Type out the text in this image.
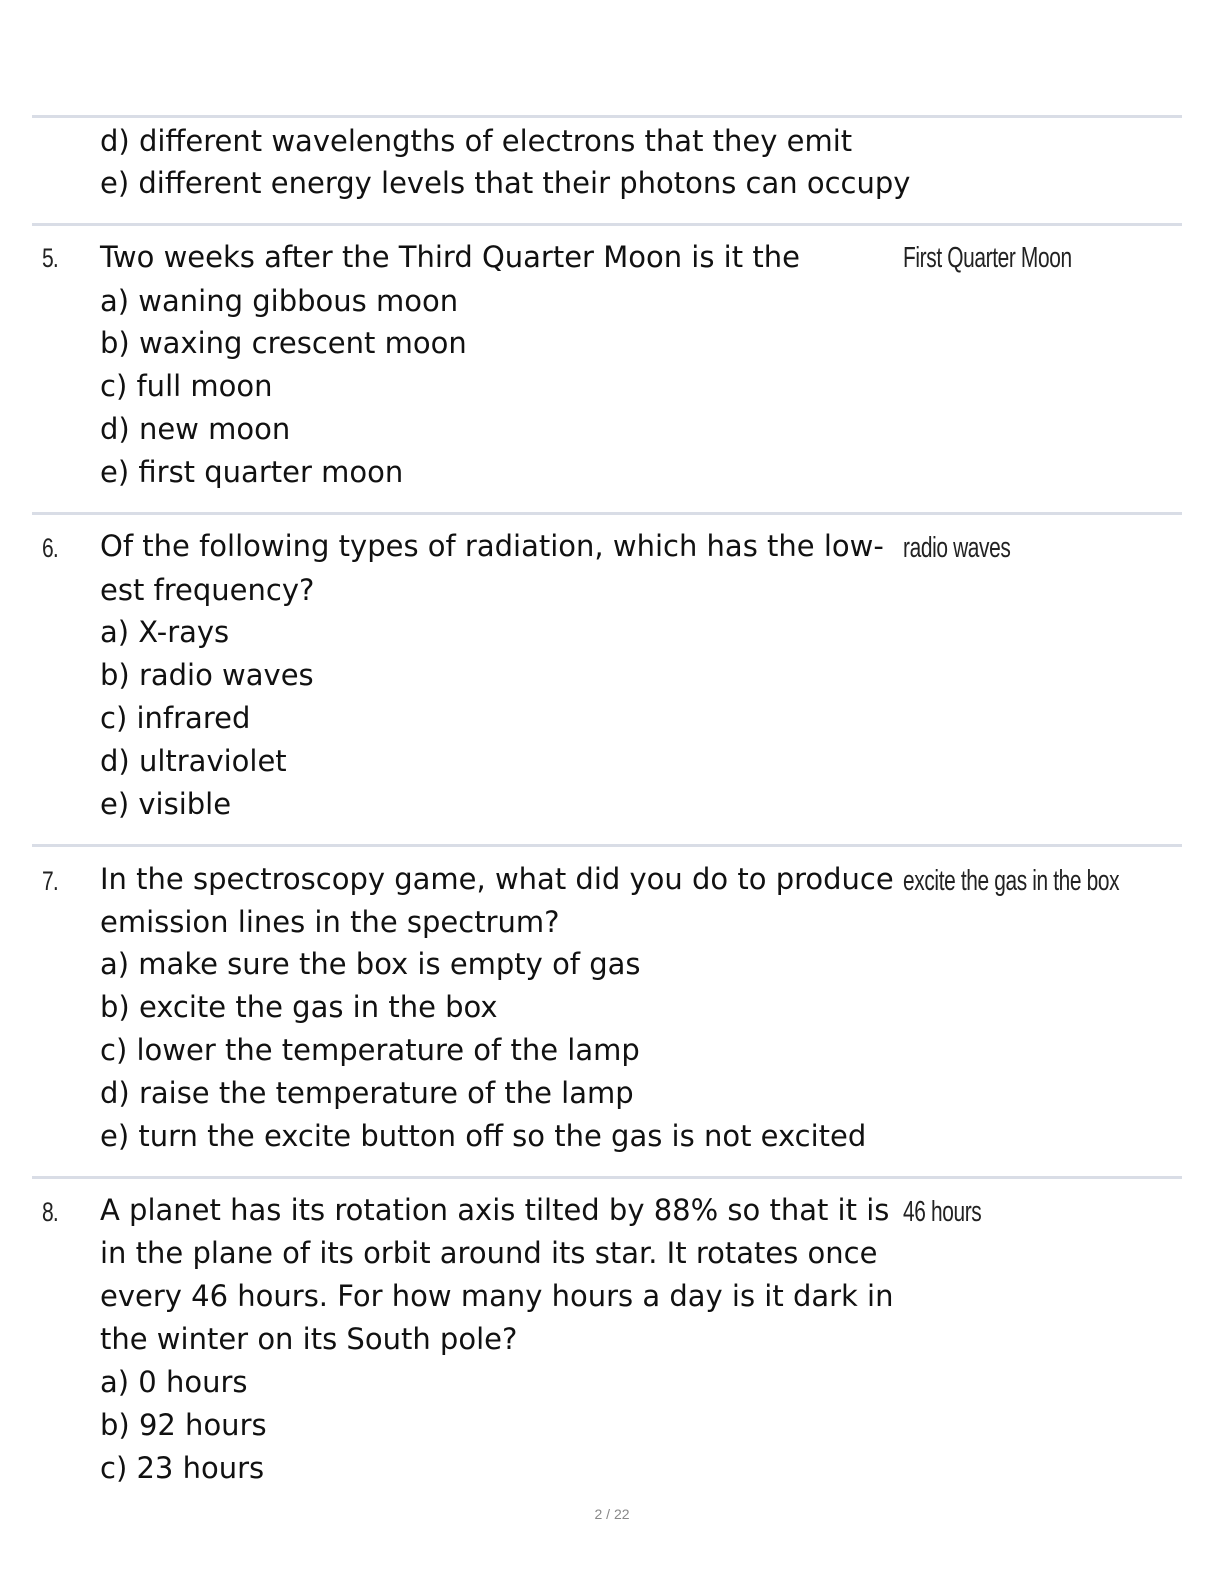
d) different wavelengths of electrons that they emit
e) different energy levels that their photons can occupy
5. Two weeks after the Third Quarter Moon is it the	First Quarter Moon
a) waning gibbous moon
b) waxing crescent moon
c) full moon
d) new moon
e) first quarter moon
6. Of the following types of radiation, which has the low- radio waves
est frequency?
a) X-rays
b) radio waves
c) infrared
d) ultraviolet
e) visible
7. In the spectroscopy game, what did you do to produce excite the gas in the box
emission lines in the spectrum?
a) make sure the box is empty of gas
b) excite the gas in the box
c) lower the temperature of the lamp
d) raise the temperature of the lamp
e) turn the excite button off so the gas is not excited
8. A planet has its rotation axis tilted by 88% so that it is 46 hours
in the plane of its orbit around its star. It rotates once
every 46 hours. For how many hours a day is it dark in
the winter on its South pole?
a) 0 hours
b) 92 hours
c) 23 hours
2 / 22
